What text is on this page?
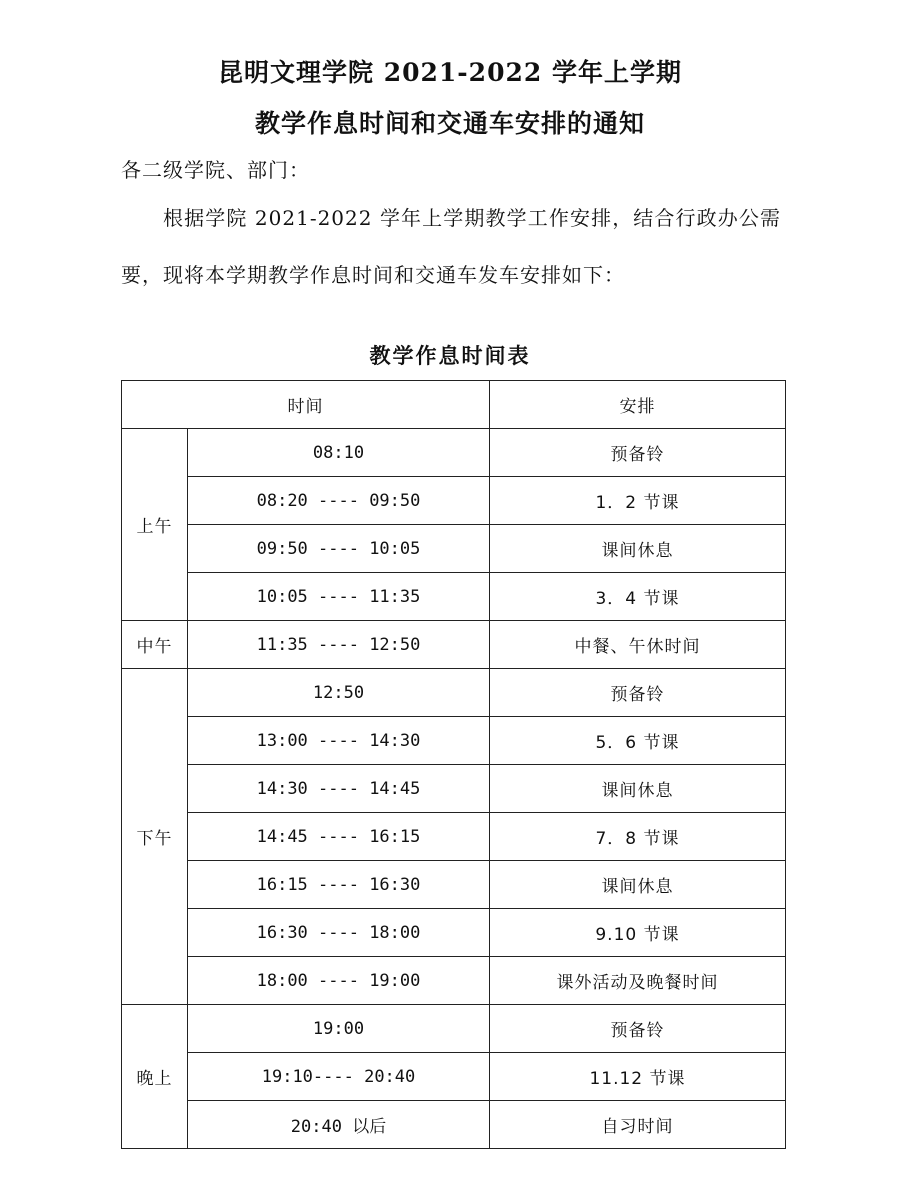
昆明文理学院 2021-2022 学年上学期
教学作息时间和交通车安排的通知
各二级学院、部门：
根据学院 2021-2022 学年上学期教学工作安排，结合行政办公需要，现将本学期教学作息时间和交通车发车安排如下：
教学作息时间表
时间		安排
上午	08:10	预备铃
	08:20 ---- 09:50	1．2 节课
	09:50 ---- 10:05	课间休息
	10:05 ---- 11:35	3．4 节课
中午	11:35 ---- 12:50	中餐、午休时间
下午	12:50	预备铃
	13:00 ---- 14:30	5．6 节课
	14:30 ---- 14:45	课间休息
	14:45 ---- 16:15	7．8 节课
	16:15 ---- 16:30	课间休息
	16:30 ---- 18:00	9.10 节课
	18:00 ---- 19:00	课外活动及晚餐时间
晚上	19:00	预备铃
	19:10---- 20:40	11.12 节课
	20:40 以后	自习时间
